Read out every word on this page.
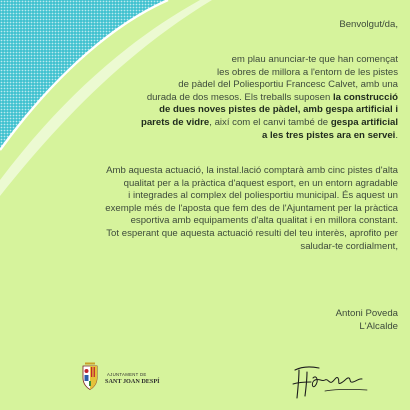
Benvolgut/da,
em plau anunciar-te que han començat
les obres de millora a l'entorn de les pistes
de pàdel del Poliesportiu Francesc Calvet, amb una
durada de dos mesos. Els treballs suposen la construcció
de dues noves pistes de pàdel, amb gespa artificial i
parets de vidre, així com el canvi també de gespa artificial
a les tres pistes ara en servei.
Amb aquesta actuació, la instal.lació comptarà amb cinc pistes d'alta
qualitat per a la pràctica d'aquest esport, en un entorn agradable
i integrades al complex del poliesportiu municipal. És aquest un
exemple més de l'aposta que fem des de l'Ajuntament per la pràctica
esportiva amb equipaments d'alta qualitat i en millora constant.
Tot esperant que aquesta actuació resulti del teu interès, aprofito per
saludar-te cordialment,
Antoni Poveda
L'Alcalde
AJUNTAMENT DE
SANT JOAN DESPÍ
